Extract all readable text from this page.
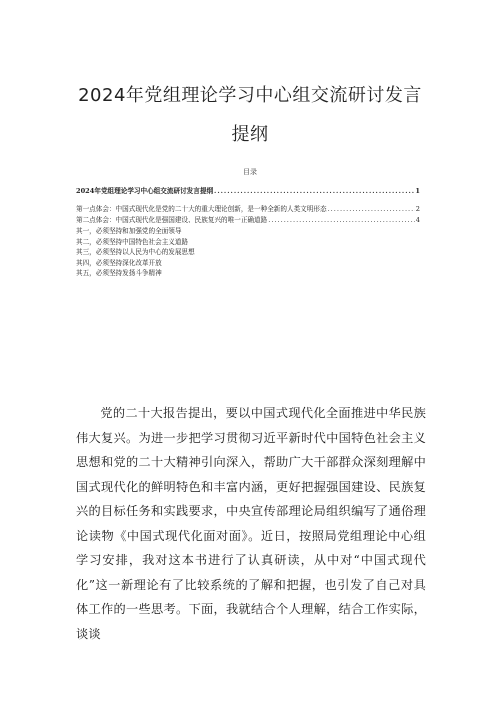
2024年党组理论学习中心组交流研讨发言
提纲
目录
2024年党组理论学习中心组交流研讨发言提纲 .....	1
第一点体会：中国式现代化是党的二十大的重大理论创新，是一种全新的人类文明形态 .....	2
第二点体会：中国式现代化是强国建设、民族复兴的唯一正确道路 .....	4
其一，必须坚持和加强党的全面领导
其二，必须坚持中国特色社会主义道路
其三，必须坚持以人民为中心的发展思想
其四，必须坚持深化改革开放
其五，必须坚持发扬斗争精神
党的二十大报告提出，要以中国式现代化全面推进中华民族伟大复兴。为进一步把学习贯彻习近平新时代中国特色社会主义思想和党的二十大精神引向深入，帮助广大干部群众深刻理解中国式现代化的鲜明特色和丰富内涵，更好把握强国建设、民族复兴的目标任务和实践要求，中央宣传部理论局组织编写了通俗理论读物《中国式现代化面对面》。近日，按照局党组理论中心组学习安排，我对这本书进行了认真研读，从中对“中国式现代化”这一新理论有了比较系统的了解和把握，也引发了自己对具体工作的一些思考。下面，我就结合个人理解，结合工作实际，谈谈
